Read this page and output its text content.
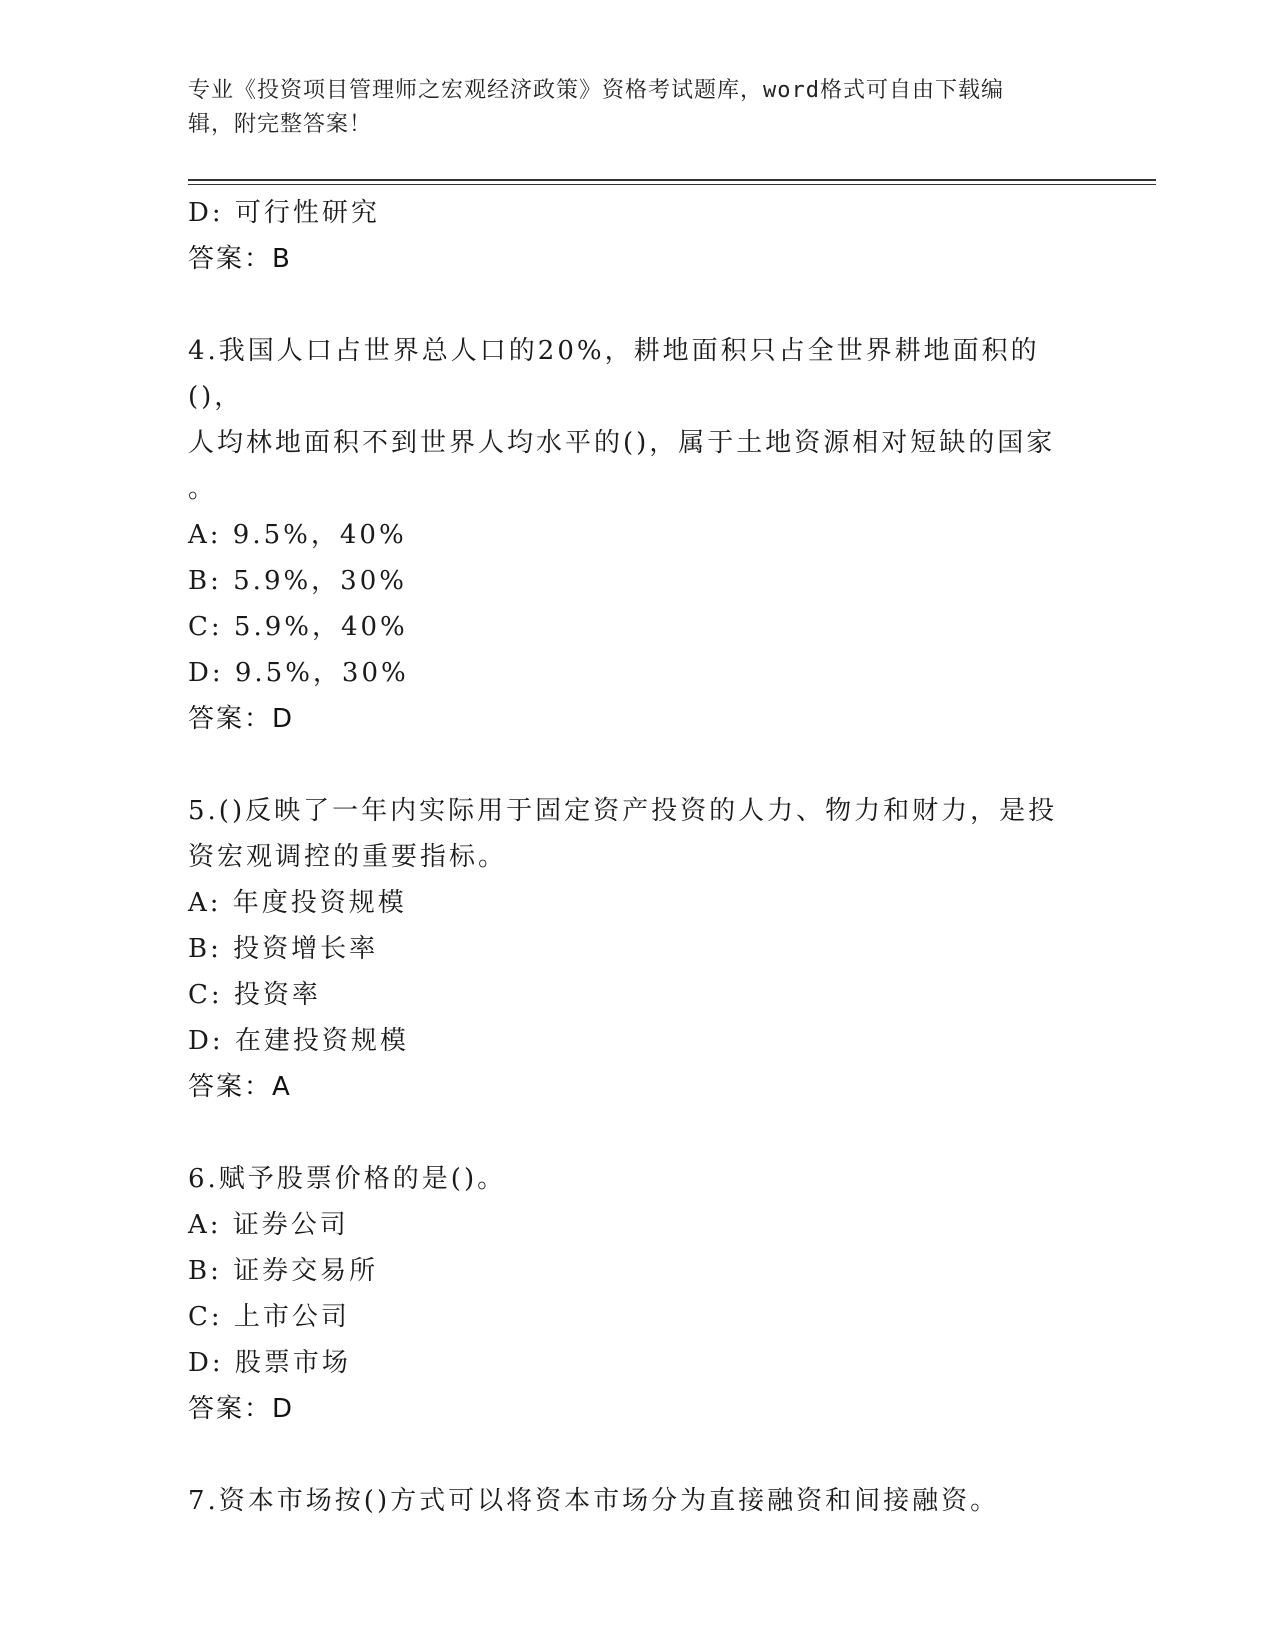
专业《投资项目管理师之宏观经济政策》资格考试题库，word格式可自由下载编
辑，附完整答案！
D: 可行性研究
答案：B
4.我国人口占世界总人口的20%，耕地面积只占全世界耕地面积的()，
人均林地面积不到世界人均水平的()，属于土地资源相对短缺的国家
。
A: 9.5%，40%
B: 5.9%，30%
C: 5.9%，40%
D: 9.5%，30%
答案：D
5.()反映了一年内实际用于固定资产投资的人力、物力和财力，是投
资宏观调控的重要指标。
A: 年度投资规模
B: 投资增长率
C: 投资率
D: 在建投资规模
答案：A
6.赋予股票价格的是()。
A: 证券公司
B: 证券交易所
C: 上市公司
D: 股票市场
答案：D
7.资本市场按()方式可以将资本市场分为直接融资和间接融资。
